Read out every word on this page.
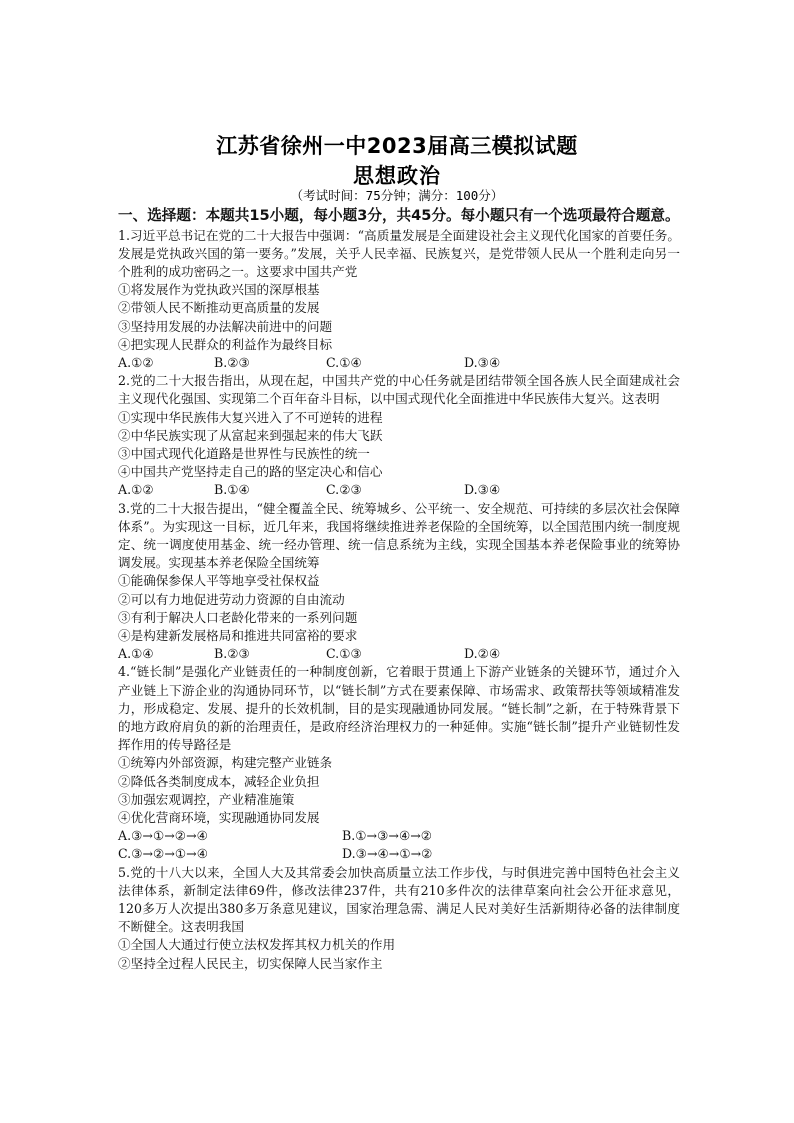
江苏省徐州一中2023届高三模拟试题
思想政治
（考试时间：75分钟；满分：100分）
一、选择题：本题共15小题，每小题3分，共45分。每小题只有一个选项最符合题意。
1.习近平总书记在党的二十大报告中强调：“高质量发展是全面建设社会主义现代化国家的首要任务。发展是党执政兴国的第一要务。”发展，关乎人民幸福、民族复兴，是党带领人民从一个胜利走向另一个胜利的成功密码之一。这要求中国共产党
①将发展作为党执政兴国的深厚根基
②带领人民不断推动更高质量的发展
③坚持用发展的办法解决前进中的问题
④把实现人民群众的利益作为最终目标
A.①②	B.②③	C.①④	D.③④
2.党的二十大报告指出，从现在起，中国共产党的中心任务就是团结带领全国各族人民全面建成社会主义现代化强国、实现第二个百年奋斗目标，以中国式现代化全面推进中华民族伟大复兴。这表明
①实现中华民族伟大复兴进入了不可逆转的进程
②中华民族实现了从富起来到强起来的伟大飞跃
③中国式现代化道路是世界性与民族性的统一
④中国共产党坚持走自己的路的坚定决心和信心
A.①②	B.①④	C.②③	D.③④
3.党的二十大报告提出，“健全覆盖全民、统筹城乡、公平统一、安全规范、可持续的多层次社会保障体系”。为实现这一目标，近几年来，我国将继续推进养老保险的全国统筹，以全国范围内统一制度规定、统一调度使用基金、统一经办管理、统一信息系统为主线，实现全国基本养老保险事业的统筹协调发展。实现基本养老保险全国统筹
①能确保参保人平等地享受社保权益
②可以有力地促进劳动力资源的自由流动
③有利于解决人口老龄化带来的一系列问题
④是构建新发展格局和推进共同富裕的要求
A.①④	B.②③	C.①③	D.②④
4.“链长制”是强化产业链责任的一种制度创新，它着眼于贯通上下游产业链条的关键环节，通过介入产业链上下游企业的沟通协同环节，以“链长制”方式在要素保障、市场需求、政策帮扶等领域精准发力，形成稳定、发展、提升的长效机制，目的是实现融通协同发展。“链长制”之新，在于特殊背景下的地方政府肩负的新的治理责任，是政府经济治理权力的一种延伸。实施“链长制”提升产业链韧性发挥作用的传导路径是
①统筹内外部资源，构建完整产业链条
②降低各类制度成本，减轻企业负担
③加强宏观调控，产业精准施策
④优化营商环境，实现融通协同发展
A.③→①→②→④	B.①→③→④→②
C.③→②→①→④	D.③→④→①→②
5.党的十八大以来，全国人大及其常委会加快高质量立法工作步伐，与时俱进完善中国特色社会主义法律体系，新制定法律69件，修改法律237件，共有210多件次的法律草案向社会公开征求意见，120多万人次提出380多万条意见建议，国家治理急需、满足人民对美好生活新期待必备的法律制度不断健全。这表明我国
①全国人大通过行使立法权发挥其权力机关的作用
②坚持全过程人民民主，切实保障人民当家作主
